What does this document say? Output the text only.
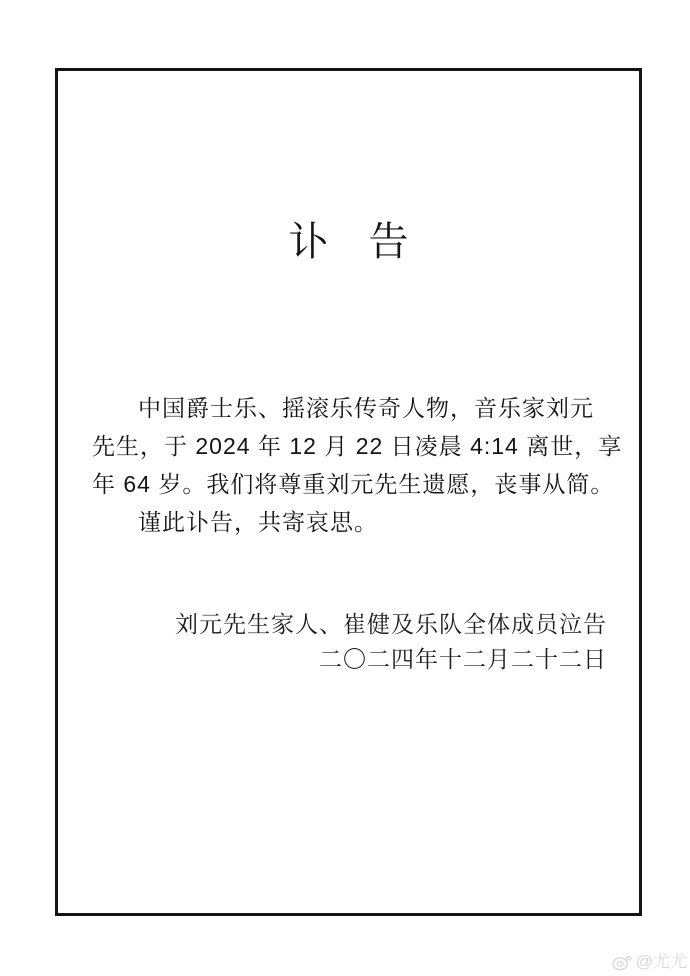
讣　告
中国爵士乐、摇滚乐传奇人物，音乐家刘元
先生，于 2024 年 12 月 22 日凌晨 4:14 离世，享
年 64 岁。我们将尊重刘元先生遗愿，丧事从简。
谨此讣告，共寄哀思。
刘元先生家人、崔健及乐队全体成员泣告
二〇二四年十二月二十二日
@尤尤
